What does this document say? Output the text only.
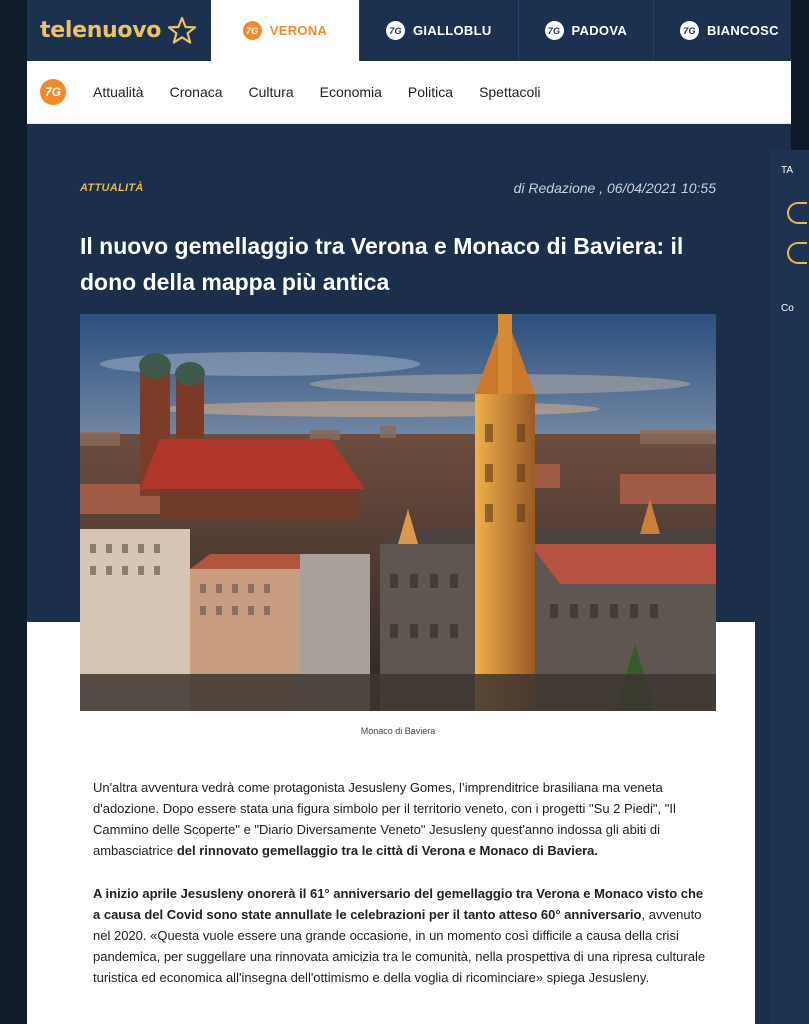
telenuovo	7G VERONA	7G GIALLOBLU	7G PADOVA	7G BIANCOSC
7G	Attualità Cronaca Cultura Economia Politica Spettacoli
ATTUALITÀ	di Redazione , 06/04/2021 10:55
Il nuovo gemellaggio tra Verona e Monaco di Baviera: il dono della mappa più antica
Monaco di Baviera

Un'altra avventura vedrà come protagonista Jesusleny Gomes, l’imprenditrice brasiliana ma veneta d'adozione. Dopo essere stata una figura simbolo per il territorio veneto, con i progetti "Su 2 Piedi", "Il Cammino delle Scoperte" e "Diario Diversamente Veneto" Jesusleny quest'anno indossa gli abiti di ambasciatrice del rinnovato gemellaggio tra le città di Verona e Monaco di Baviera.

A inizio aprile Jesusleny onorerà il 61° anniversario del gemellaggio tra Verona e Monaco visto che a causa del Covid sono state annullate le celebrazioni per il tanto atteso 60° anniversario, avvenuto nel 2020. «Questa vuole essere una grande occasione, in un momento così difficile a causa della crisi pandemica, per suggellare una rinnovata amicizia tra le comunità, nella prospettiva di una ripresa culturale turistica ed economica all'insegna dell'ottimismo e della voglia di ricominciare» spiega Jesusleny.

TA
Co
